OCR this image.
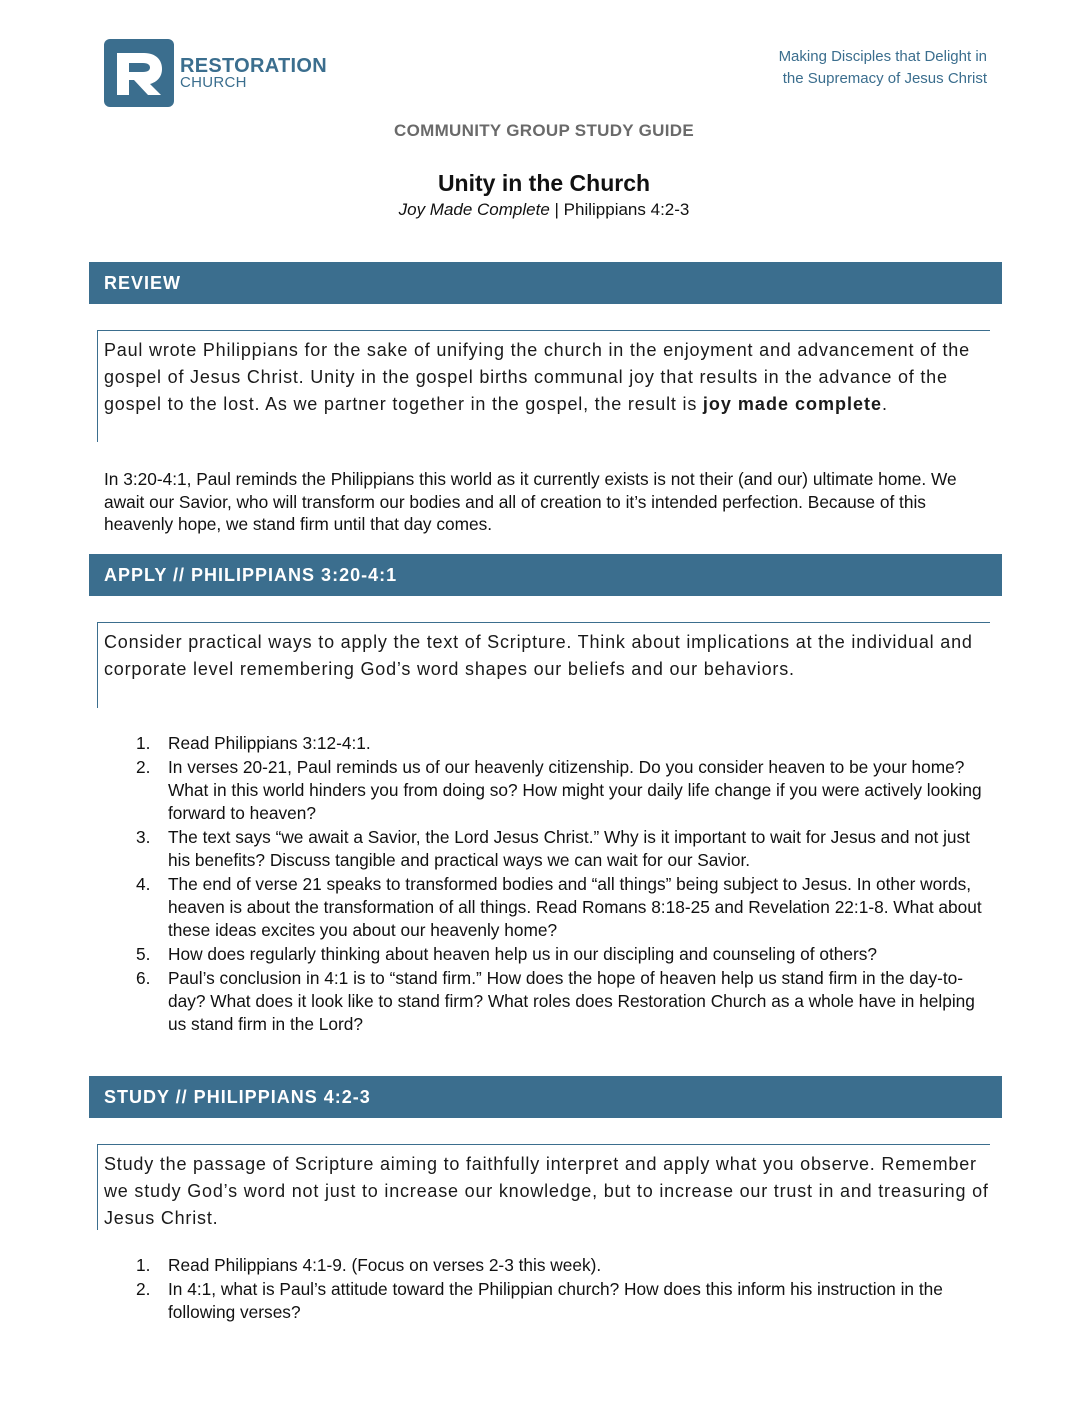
RESTORATION
CHURCH
Making Disciples that Delight in
the Supremacy of Jesus Christ
COMMUNITY GROUP STUDY GUIDE
Unity in the Church
Joy Made Complete | Philippians 4:2-3
REVIEW
Paul wrote Philippians for the sake of unifying the church in the enjoyment and advancement of the gospel of Jesus Christ. Unity in the gospel births communal joy that results in the advance of the gospel to the lost. As we partner together in the gospel, the result is joy made complete.
In 3:20-4:1, Paul reminds the Philippians this world as it currently exists is not their (and our) ultimate home. We await our Savior, who will transform our bodies and all of creation to it’s intended perfection. Because of this heavenly hope, we stand firm until that day comes.
APPLY // PHILIPPIANS 3:20-4:1
Consider practical ways to apply the text of Scripture. Think about implications at the individual and corporate level remembering God’s word shapes our beliefs and our behaviors.
1. Read Philippians 3:12-4:1.
2. In verses 20-21, Paul reminds us of our heavenly citizenship. Do you consider heaven to be your home? What in this world hinders you from doing so? How might your daily life change if you were actively looking forward to heaven?
3. The text says “we await a Savior, the Lord Jesus Christ.” Why is it important to wait for Jesus and not just his benefits? Discuss tangible and practical ways we can wait for our Savior.
4. The end of verse 21 speaks to transformed bodies and “all things” being subject to Jesus. In other words, heaven is about the transformation of all things. Read Romans 8:18-25 and Revelation 22:1-8. What about these ideas excites you about our heavenly home?
5. How does regularly thinking about heaven help us in our discipling and counseling of others?
6. Paul’s conclusion in 4:1 is to “stand firm.” How does the hope of heaven help us stand firm in the day-to-day? What does it look like to stand firm? What roles does Restoration Church as a whole have in helping us stand firm in the Lord?
STUDY // PHILIPPIANS 4:2-3
Study the passage of Scripture aiming to faithfully interpret and apply what you observe. Remember we study God’s word not just to increase our knowledge, but to increase our trust in and treasuring of Jesus Christ.
1. Read Philippians 4:1-9. (Focus on verses 2-3 this week).
2. In 4:1, what is Paul’s attitude toward the Philippian church? How does this inform his instruction in the following verses?
